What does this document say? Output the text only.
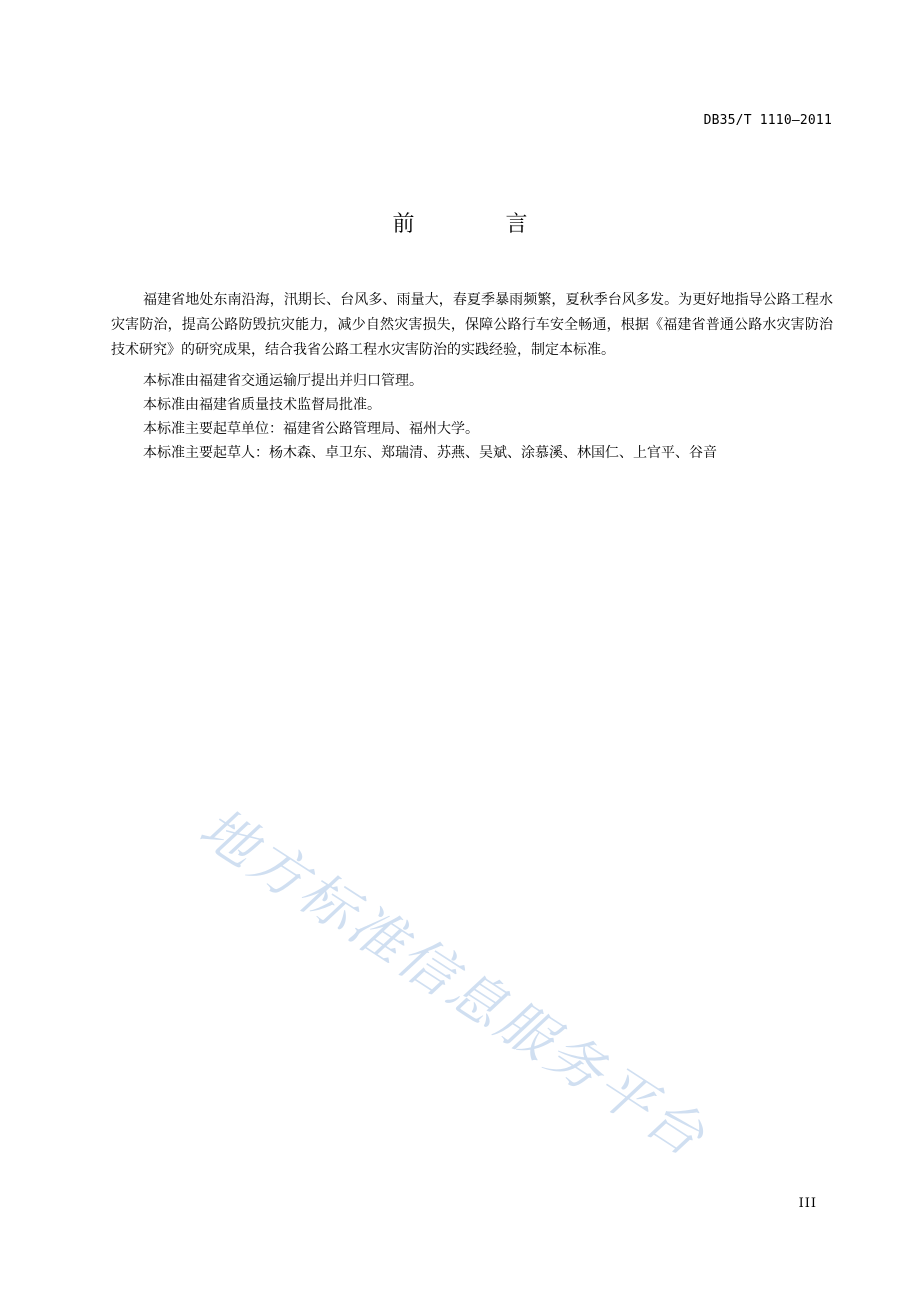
DB35/T 1110—2011
前 言

福建省地处东南沿海，汛期长、台风多、雨量大，春夏季暴雨频繁，夏秋季台风多发。为更好地指导公路工程水灾害防治，提高公路防毁抗灾能力，减少自然灾害损失，保障公路行车安全畅通，根据《福建省普通公路水灾害防治技术研究》的研究成果，结合我省公路工程水灾害防治的实践经验，制定本标准。

本标准由福建省交通运输厅提出并归口管理。

本标准由福建省质量技术监督局批准。

本标准主要起草单位：福建省公路管理局、福州大学。

本标准主要起草人：杨木森、卓卫东、郑瑞清、苏燕、吴斌、涂慕溪、林国仁、上官平、谷音

地方标准信息服务平台
III
